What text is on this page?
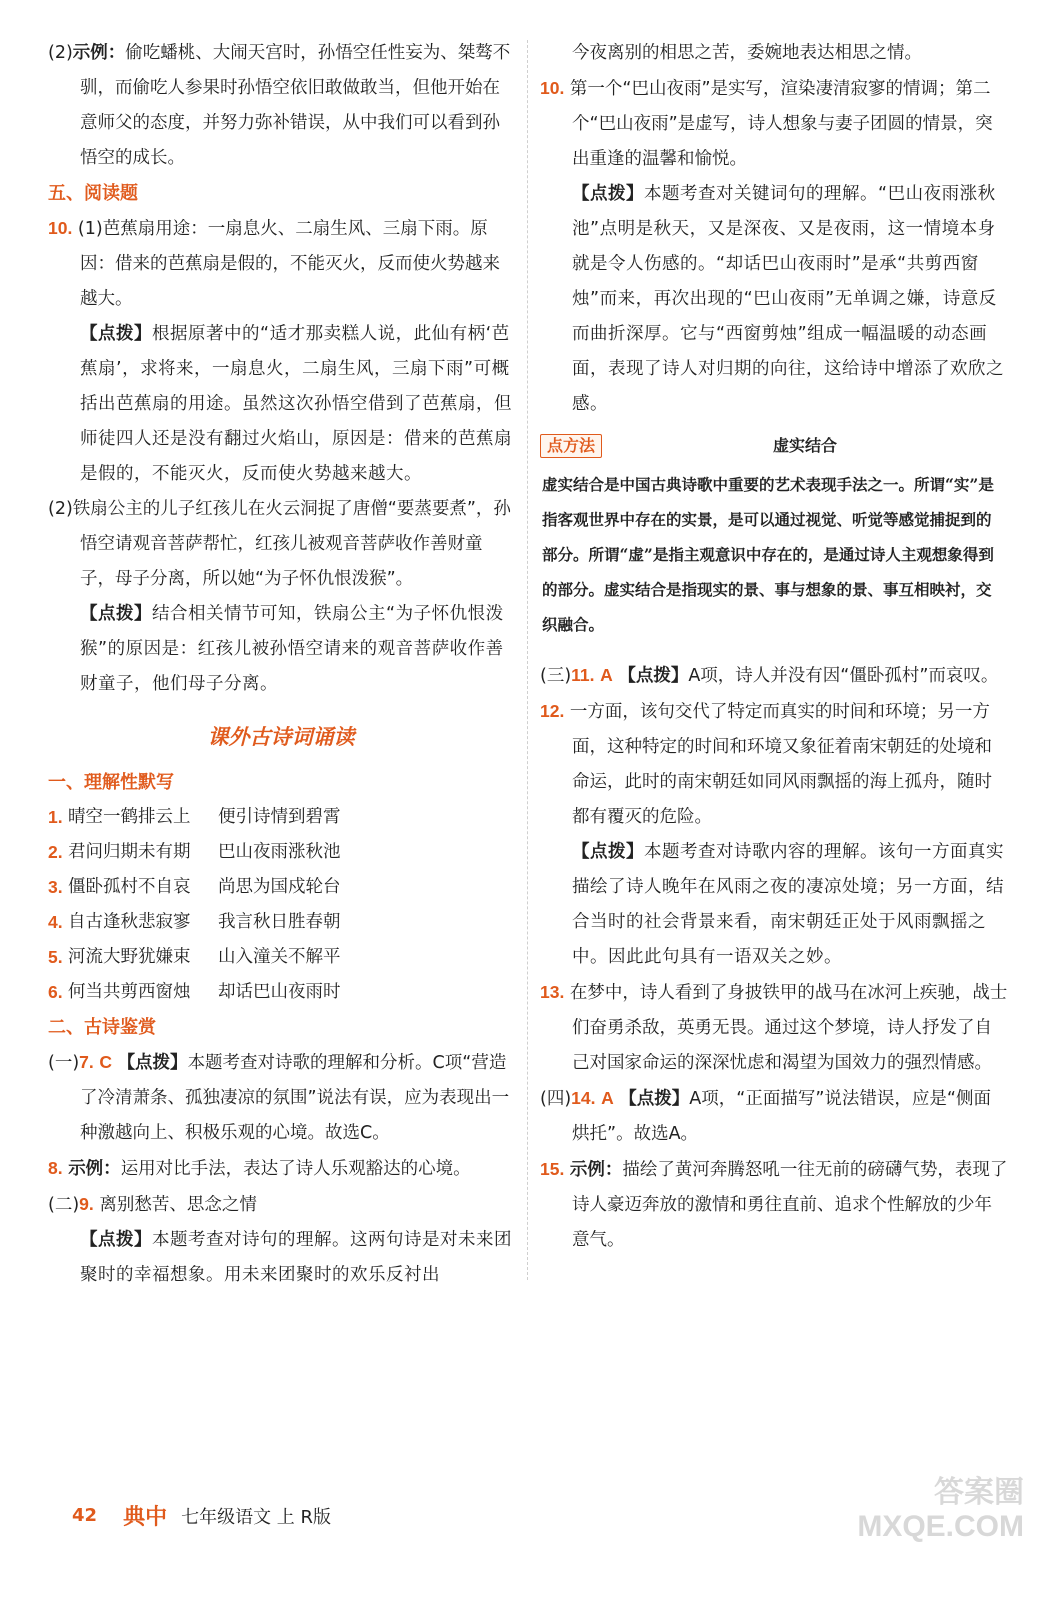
(2)示例：偷吃蟠桃、大闹天宫时，孙悟空任性妄为、桀骜不驯，而偷吃人参果时孙悟空依旧敢做敢当，但他开始在意师父的态度，并努力弥补错误，从中我们可以看到孙悟空的成长。

五、阅读题

10. (1)芭蕉扇用途：一扇息火、二扇生风、三扇下雨。原因：借来的芭蕉扇是假的，不能灭火，反而使火势越来越大。

【点拨】根据原著中的“适才那卖糕人说，此仙有柄‘芭蕉扇’，求将来，一扇息火，二扇生风，三扇下雨”可概括出芭蕉扇的用途。虽然这次孙悟空借到了芭蕉扇，但师徒四人还是没有翻过火焰山，原因是：借来的芭蕉扇是假的，不能灭火，反而使火势越来越大。

(2)铁扇公主的儿子红孩儿在火云洞捉了唐僧“要蒸要煮”，孙悟空请观音菩萨帮忙，红孩儿被观音菩萨收作善财童子，母子分离，所以她“为子怀仇恨泼猴”。

【点拨】结合相关情节可知，铁扇公主“为子怀仇恨泼猴”的原因是：红孩儿被孙悟空请来的观音菩萨收作善财童子，他们母子分离。

课外古诗词诵读

一、理解性默写

1. 晴空一鹤排云上	便引诗情到碧霄
2. 君问归期未有期	巴山夜雨涨秋池
3. 僵卧孤村不自哀	尚思为国戍轮台
4. 自古逢秋悲寂寥	我言秋日胜春朝
5. 河流大野犹嫌束	山入潼关不解平
6. 何当共剪西窗烛	却话巴山夜雨时

二、古诗鉴赏

(一)7. C 【点拨】本题考查对诗歌的理解和分析。C项“营造了冷清萧条、孤独凄凉的氛围”说法有误，应为表现出一种激越向上、积极乐观的心境。故选C。

8. 示例：运用对比手法，表达了诗人乐观豁达的心境。

(二)9. 离别愁苦、思念之情

【点拨】本题考查对诗句的理解。这两句诗是对未来团聚时的幸福想象。用未来团聚时的欢乐反衬出

今夜离别的相思之苦，委婉地表达相思之情。

10. 第一个“巴山夜雨”是实写，渲染凄清寂寥的情调；第二个“巴山夜雨”是虚写，诗人想象与妻子团圆的情景，突出重逢的温馨和愉悦。

【点拨】本题考查对关键词句的理解。“巴山夜雨涨秋池”点明是秋天，又是深夜、又是夜雨，这一情境本身就是令人伤感的。“却话巴山夜雨时”是承“共剪西窗烛”而来，再次出现的“巴山夜雨”无单调之嫌，诗意反而曲折深厚。它与“西窗剪烛”组成一幅温暖的动态画面，表现了诗人对归期的向往，这给诗中增添了欢欣之感。

点方法	虚实结合

虚实结合是中国古典诗歌中重要的艺术表现手法之一。所谓“实”是指客观世界中存在的实景，是可以通过视觉、听觉等感觉捕捉到的部分。所谓“虚”是指主观意识中存在的，是通过诗人主观想象得到的部分。虚实结合是指现实的景、事与想象的景、事互相映衬，交织融合。

(三)11. A 【点拨】A项，诗人并没有因“僵卧孤村”而哀叹。

12. 一方面，该句交代了特定而真实的时间和环境；另一方面，这种特定的时间和环境又象征着南宋朝廷的处境和命运，此时的南宋朝廷如同风雨飘摇的海上孤舟，随时都有覆灭的危险。

【点拨】本题考查对诗歌内容的理解。该句一方面真实描绘了诗人晚年在风雨之夜的凄凉处境；另一方面，结合当时的社会背景来看，南宋朝廷正处于风雨飘摇之中。因此此句具有一语双关之妙。

13. 在梦中，诗人看到了身披铁甲的战马在冰河上疾驰，战士们奋勇杀敌，英勇无畏。通过这个梦境，诗人抒发了自己对国家命运的深深忧虑和渴望为国效力的强烈情感。

(四)14. A 【点拨】A项，“正面描写”说法错误，应是“侧面烘托”。故选A。

15. 示例：描绘了黄河奔腾怒吼一往无前的磅礴气势，表现了诗人豪迈奔放的激情和勇往直前、追求个性解放的少年意气。

42 典中 七年级语文 上 R版
答案圈
MXQE.COM
